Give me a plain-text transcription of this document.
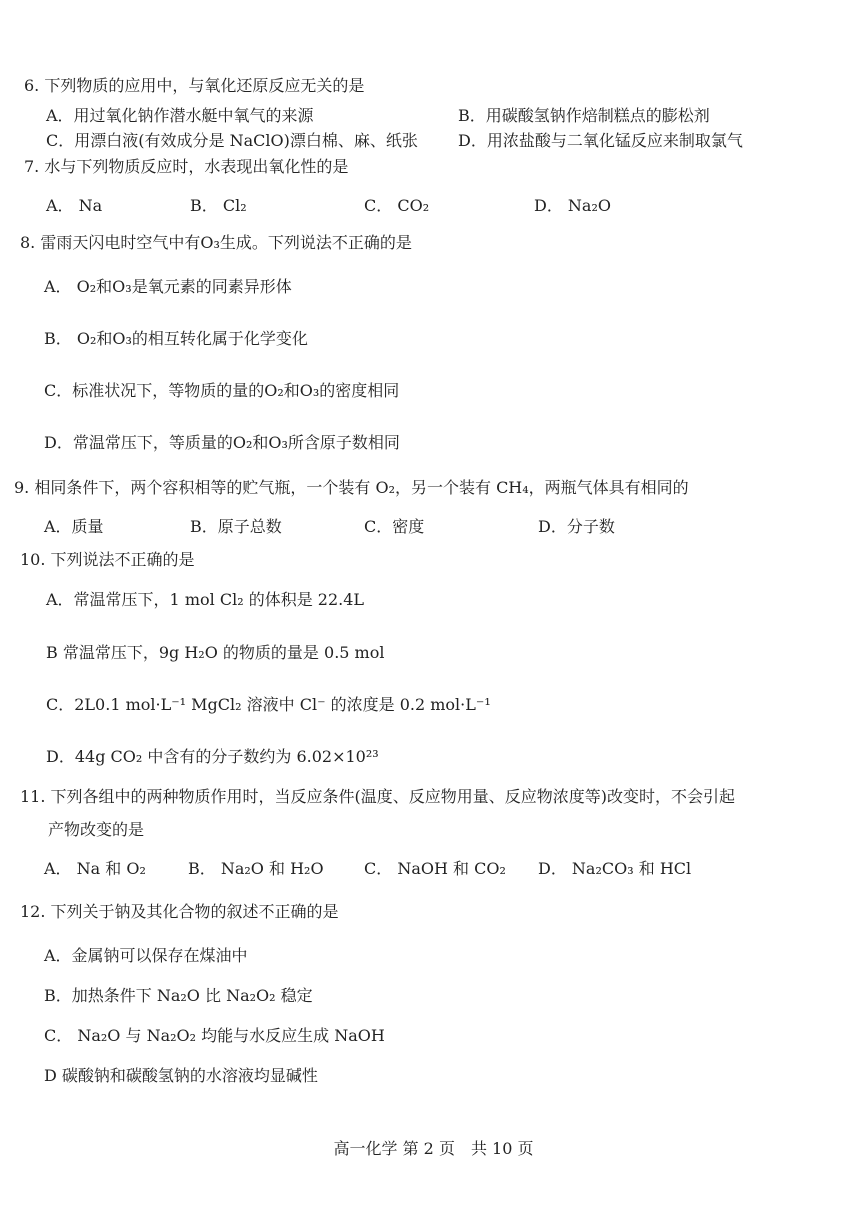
6. 下列物质的应用中，与氧化还原反应无关的是
A．用过氧化钠作潜水艇中氧气的来源	B．用碳酸氢钠作焙制糕点的膨松剂
C．用漂白液(有效成分是 NaClO)漂白棉、麻、纸张	D．用浓盐酸与二氧化锰反应来制取氯气
7. 水与下列物质反应时，水表现出氧化性的是
A． Na	B． Cl₂	C． CO₂	D． Na₂O
8. 雷雨天闪电时空气中有O₃生成。下列说法不正确的是
A． O₂和O₃是氧元素的同素异形体
B． O₂和O₃的相互转化属于化学变化
C．标准状况下，等物质的量的O₂和O₃的密度相同
D．常温常压下，等质量的O₂和O₃所含原子数相同
9. 相同条件下，两个容积相等的贮气瓶，一个装有 O₂，另一个装有 CH₄，两瓶气体具有相同的
A．质量	B．原子总数	C．密度	D．分子数
10. 下列说法不正确的是
A．常温常压下，1 mol Cl₂ 的体积是 22.4L
B 常温常压下，9g H₂O 的物质的量是 0.5 mol
C．2L0.1 mol·L⁻¹ MgCl₂ 溶液中 Cl⁻ 的浓度是 0.2 mol·L⁻¹
D．44g CO₂ 中含有的分子数约为 6.02×10²³
11. 下列各组中的两种物质作用时，当反应条件(温度、反应物用量、反应物浓度等)改变时，不会引起
产物改变的是
A． Na 和 O₂	B． Na₂O 和 H₂O	C． NaOH 和 CO₂ D． Na₂CO₃ 和 HCl
12. 下列关于钠及其化合物的叙述不正确的是
A．金属钠可以保存在煤油中
B．加热条件下 Na₂O 比 Na₂O₂ 稳定
C． Na₂O 与 Na₂O₂ 均能与水反应生成 NaOH
D 碳酸钠和碳酸氢钠的水溶液均显碱性
高一化学 第 2 页　共 10 页
